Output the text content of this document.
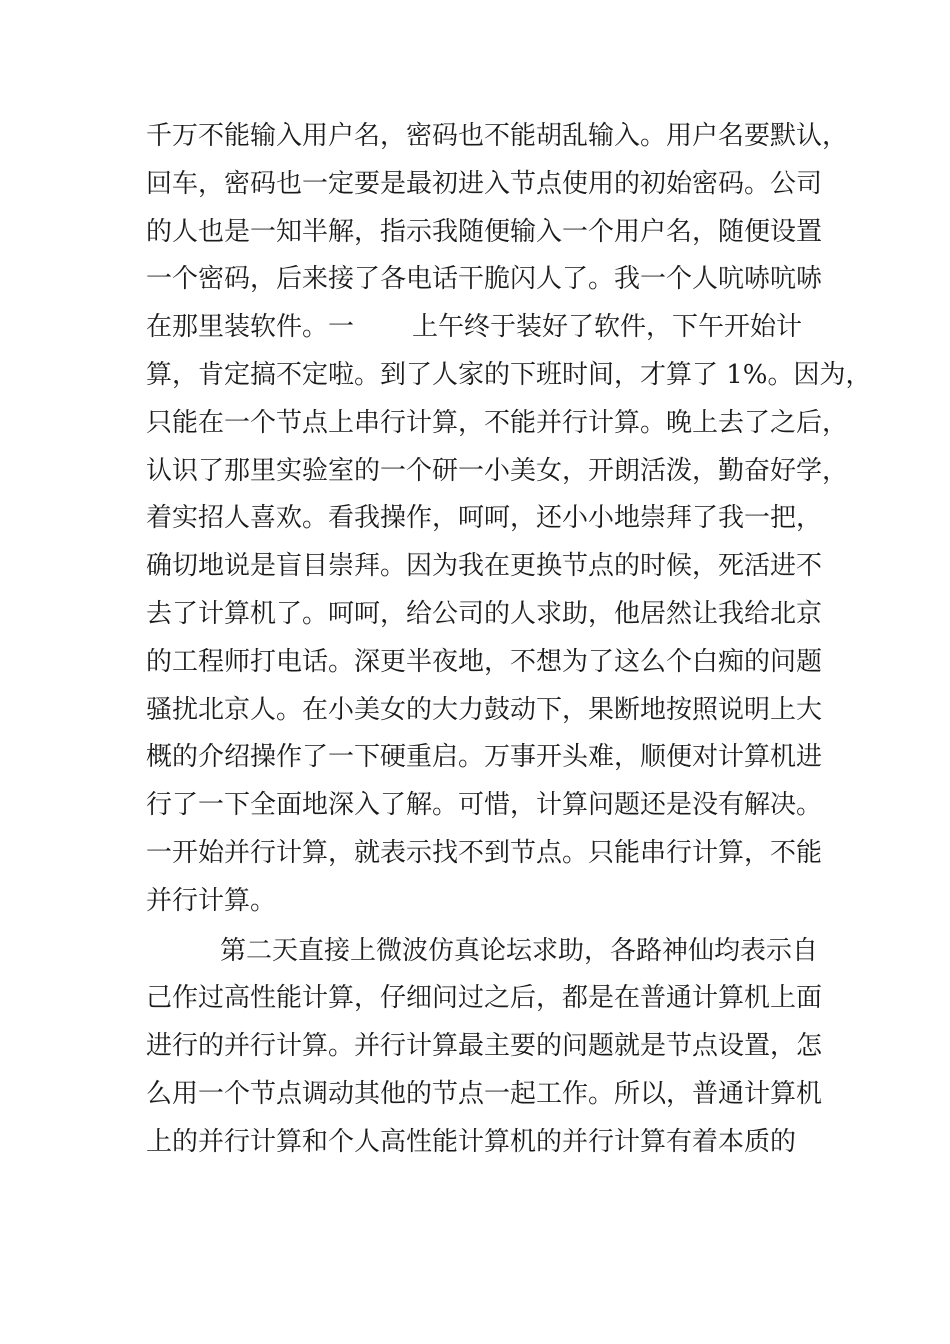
千万不能输入用户名，密码也不能胡乱输入。用户名要默认，
回车，密码也一定要是最初进入节点使用的初始密码。公司
的人也是一知半解，指示我随便输入一个用户名，随便设置
一个密码，后来接了各电话干脆闪人了。我一个人吭哧吭哧
在那里装软件。一 上午终于装好了软件，下午开始计
算，肯定搞不定啦。到了人家的下班时间，才算了 1%。因为，
只能在一个节点上串行计算，不能并行计算。晚上去了之后，
认识了那里实验室的一个研一小美女，开朗活泼，勤奋好学，
着实招人喜欢。看我操作，呵呵，还小小地崇拜了我一把，
确切地说是盲目崇拜。因为我在更换节点的时候，死活进不
去了计算机了。呵呵，给公司的人求助，他居然让我给北京
的工程师打电话。深更半夜地，不想为了这么个白痴的问题
骚扰北京人。在小美女的大力鼓动下，果断地按照说明上大
概的介绍操作了一下硬重启。万事开头难，顺便对计算机进
行了一下全面地深入了解。可惜，计算问题还是没有解决。
一开始并行计算，就表示找不到节点。只能串行计算，不能
并行计算。
第二天直接上微波仿真论坛求助，各路神仙均表示自
己作过高性能计算，仔细问过之后，都是在普通计算机上面
进行的并行计算。并行计算最主要的问题就是节点设置，怎
么用一个节点调动其他的节点一起工作。所以，普通计算机
上的并行计算和个人高性能计算机的并行计算有着本质的
